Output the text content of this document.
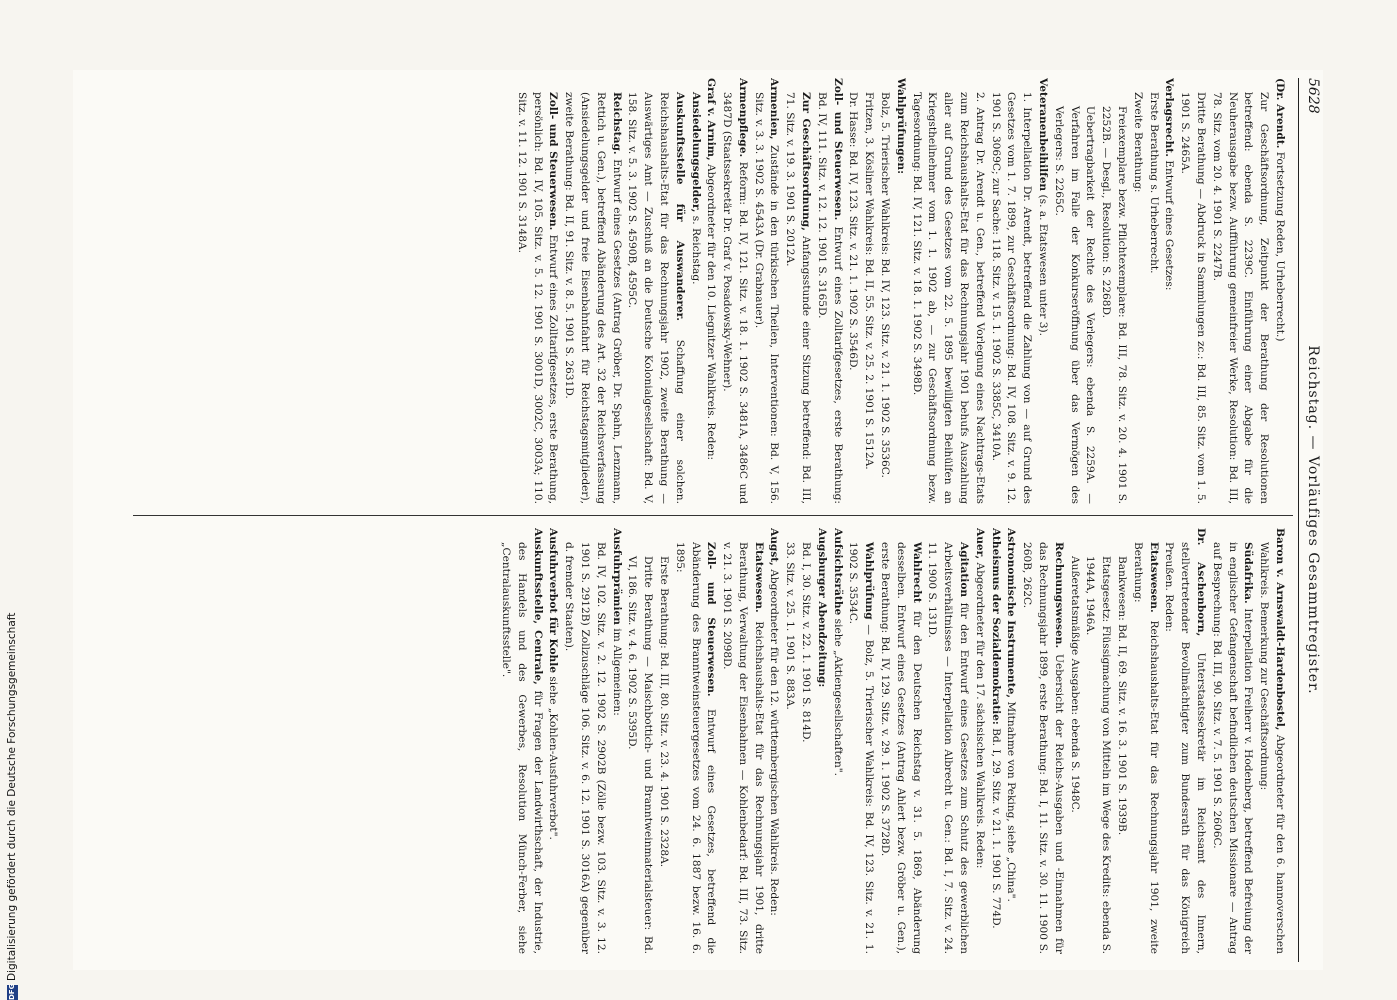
5628
Reichstag. — Vorläufiges Gesammtregister.

(Dr. Arendt. Fortsetzung Reden, Urheberrecht.)

Zur Geschäftsordnung, Zeitpunkt der Berathung der Resolutionen betreffend: ebenda S. 2239C. Einführung einer Abgabe für die Neuherausgabe bezw. Aufführung gemeinfreier Werke, Resolution: Bd. III, 78. Sitz. vom 20. 4. 1901 S. 2247B.

Dritte Berathung — Abdruck in Sammlungen zc.: Bd. III, 85. Sitz. vom 1. 5. 1901 S. 2465A.

Verlagsrecht. Entwurf eines Gesetzes:

Erste Berathung s. Urheberrecht.

Zweite Berathung:

Freiexemplare bezw. Pflichtexemplare: Bd. III, 78. Sitz. v. 20. 4. 1901 S. 2252B. — Desgl., Resolution: S. 2268D.

Uebertragbarkeit der Rechte des Verlegers: ebenda S. 2259A. — Verfahren im Falle der Konkurseröffnung über das Vermögen des Verlegers: S. 2265C.

Veteranenbeihilfen (s. a. Etatswesen unter 3).

1. Interpellation Dr. Arendt, betreffend die Zahlung von — auf Grund des Gesetzes vom 1. 7. 1899, zur Geschäftsordnung: Bd. IV, 108. Sitz. v. 9. 12. 1901 S. 3069C; zur Sache: 118. Sitz. v. 15. 1. 1902 S. 3385C, 3410A.

2. Antrag Dr. Arendt u. Gen., betreffend Vorlegung eines Nachtrags-Etats zum Reichshaushalts-Etat für das Rechnungsjahr 1901 behufs Auszahlung aller auf Grund des Gesetzes vom 22. 5. 1895 bewilligten Beihülfen an Kriegstheilnehmer vom 1. 1. 1902 ab, — zur Geschäftsordnung bezw. Tagesordnung: Bd. IV, 121. Sitz. v. 18. 1. 1902 S. 3498D.

Wahlprüfungen:

Bolz, 5. Trierischer Wahlkreis: Bd. IV, 123. Sitz. v. 21. 1. 1902 S. 3536C.

Fritzen, 3. Kösliner Wahlkreis: Bd. II, 55. Sitz. v. 25. 2. 1901 S. 1512A.

Dr. Hasse: Bd. IV, 123. Sitz. v. 21. 1. 1902 S. 3546D.

Zoll- und Steuerwesen. Entwurf eines Zolltarifgesetzes, erste Berathung: Bd. IV, 111. Sitz. v. 12. 12. 1901 S. 3165D.

Zur Geschäftsordnung, Anfangsstunde einer Sitzung betreffend: Bd. III, 71. Sitz. v. 19. 3. 1901 S. 2012A.

Armenien, Zustände in den türkischen Theilen, Interventionen: Bd. V, 156. Sitz. v. 3. 3. 1902 S. 4543A (Dr. Grabnauer).

Armenpflege. Reform: Bd. IV, 121. Sitz. v. 18. 1. 1902 S. 3481A, 3486C und 3487D (Staatssekretär Dr. Graf v. Posadowsky-Wehner).

Graf v. Arnim, Abgeordneter für den 10. Liegnitzer Wahlkreis. Reden:

Ansiedelungsgelder, s. Reichstag.

Auskunftsstelle für Auswanderer. Schaffung einer solchen. Reichshaushalts-Etat für das Rechnungsjahr 1902, zweite Berathung — Auswärtiges Amt — Zuschuß an die Deutsche Kolonialgesellschaft: Bd. V, 158. Sitz. v. 5. 3. 1902 S. 4590B, 4595C.

Reichstag. Entwurf eines Gesetzes (Antrag Gröber, Dr. Spahn, Lenzmann, Rettich u. Gen.), betreffend Abänderung des Art. 32 der Reichsverfassung (Ansiedelungsgelder und freie Eisenbahnfahrt für Reichstagsmitglieder), zweite Berathung: Bd. II, 91. Sitz. v. 8. 5. 1901 S. 2631D.

Zoll- und Steuerwesen. Entwurf eines Zolltarifgesetzes, erste Berathung, persönlich: Bd. IV, 105. Sitz. v. 5. 12. 1901 S. 3001D, 3002C, 3003A; 110. Sitz. v. 11. 12. 1901 S. 3148A.

Baron v. Arnswaldt-Hardenbostel, Abgeordneter für den 6. hannoverschen Wahlkreis. Bemerkung zur Geschäftsordnung:

Südafrika. Interpellation Freiherr v. Hodenberg, betreffend Befreiung der in englischer Gefangenschaft befindlichen deutschen Missionare — Antrag auf Besprechung: Bd. III, 90. Sitz. v. 7. 5. 1901 S. 2606C.

Dr. Aschenborn, Unterstaatssekretär im Reichsamt des Innern, stellvertretender Bevollmächtigter zum Bundesrath für das Königreich Preußen. Reden:

Etatswesen. Reichshaushalts-Etat für das Rechnungsjahr 1901, zweite Berathung:

Bankwesen: Bd. II, 69. Sitz. v. 16. 3. 1901 S. 1939B.

Etatsgesetz: Flüssigmachung von Mitteln im Wege des Kredits: ebenda S. 1944A, 1946A.

Außeretatsmäßige Ausgaben: ebenda S. 1948C.

Rechnungswesen. Uebersicht der Reichs-Ausgaben und -Einnahmen für das Rechnungsjahr 1899, erste Berathung: Bd. I, 11. Sitz. v. 30. 11. 1900 S. 260B, 262C.

Astronomische Instrumente, Mitnahme von Peking, siehe „China".

Atheismus der Sozialdemokratie: Bd. I, 29. Sitz. v. 21. 1. 1901 S. 774D.

Auer, Abgeordneter für den 17. sächsischen Wahlkreis. Reden:

Agitation für den Entwurf eines Gesetzes zum Schutz des gewerblichen Arbeitsverhältnisses — Interpellation Albrecht u. Gen.: Bd. I, 7. Sitz. v. 24. 11. 1900 S. 131D.

Wahlrecht für den Deutschen Reichstag v. 31. 5. 1869, Abänderung desselben. Entwurf eines Gesetzes (Antrag Ahlert bezw. Gröber u. Gen.), erste Berathung: Bd. IV, 129. Sitz. v. 29. 1. 1902 S. 3728D.

Wahlprüfung — Bolz, 5. Trierischer Wahlkreis: Bd. IV, 123. Sitz. v. 21. 1. 1902 S. 3534C.

Aufsichtsräthe siehe „Aktiengesellschaften".

Augsburger Abendzeitung:

Bd. I, 30. Sitz. v. 22. 1. 1901 S. 814D.

33. Sitz. v. 25. 1. 1901 S. 883A.

Augst, Abgeordneter für den 12. württembergischen Wahlkreis. Reden:

Etatswesen. Reichshaushalts-Etat für das Rechnungsjahr 1901, dritte Berathung, Verwaltung der Eisenbahnen — Kohlenbedarf: Bd. III, 73. Sitz. v. 21. 3. 1901 S. 2098D.

Zoll- und Steuerwesen. Entwurf eines Gesetzes, betreffend die Abänderung des Branntweinsteuergesetzes vom 24. 6. 1887 bezw. 16. 6. 1895:

Erste Berathung: Bd. III, 80. Sitz. v. 23. 4. 1901 S. 2328A.

Dritte Berathung — Maischbottich- und Branntweinmaterialsteuer: Bd. VI, 186. Sitz. v. 4. 6. 1902 S. 5395D.

Ausfuhrprämien im Allgemeinen:

Bd. IV, 102. Sitz. v. 2. 12. 1902 S. 2902B (Zölle bezw. 103. Sitz. v. 3. 12. 1901 S. 2912B) Zollzuschläge 106. Sitz. v. 6. 12. 1901 S. 3016A) gegenüber d. fremder Staaten).

Ausfuhrverbot für Kohle siehe „Kohlen-Ausfuhrverbot".

Auskunftsstelle, Centrale, für Fragen der Landwirthschaft, der Industrie, des Handels und des Gewerbes, Resolution Münch-Ferber, siehe „Centralauskunftsstelle".

DFGDigitalisierung gefördert durch die Deutsche Forschungsgemeinschaft
